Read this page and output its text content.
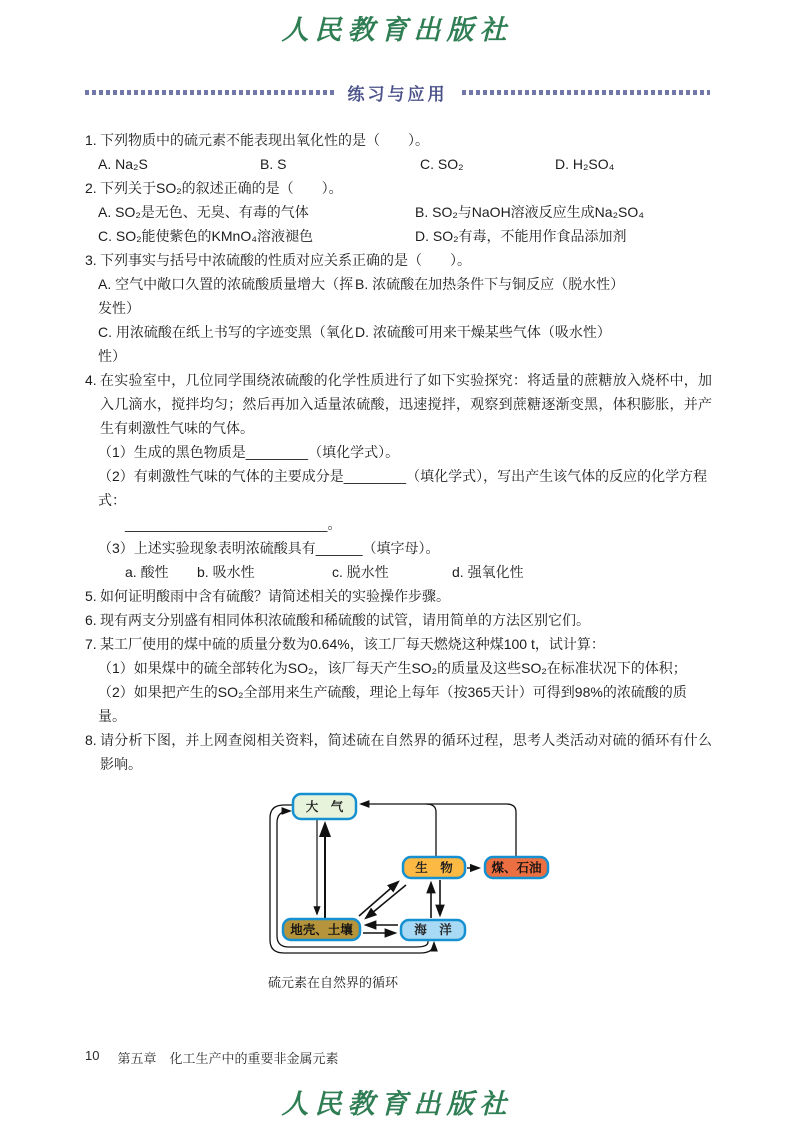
人民教育出版社
练习与应用
1. 下列物质中的硫元素不能表现出氧化性的是（　　）。
A. Na₂S	B. S	C. SO₂	D. H₂SO₄
2. 下列关于SO₂的叙述正确的是（　　）。
A. SO₂是无色、无臭、有毒的气体	B. SO₂与NaOH溶液反应生成Na₂SO₄
C. SO₂能使紫色的KMnO₄溶液褪色	D. SO₂有毒，不能用作食品添加剂
3. 下列事实与括号中浓硫酸的性质对应关系正确的是（　　）。
A. 空气中敞口久置的浓硫酸质量增大（挥发性）
B. 浓硫酸在加热条件下与铜反应（脱水性）
C. 用浓硫酸在纸上书写的字迹变黑（氧化性）
D. 浓硫酸可用来干燥某些气体（吸水性）
4. 在实验室中，几位同学围绕浓硫酸的化学性质进行了如下实验探究：将适量的蔗糖放入烧杯中，加入几滴水，搅拌均匀；然后再加入适量浓硫酸，迅速搅拌，观察到蔗糖逐渐变黑，体积膨胀，并产生有刺激性气味的气体。
（1）生成的黑色物质是________（填化学式）。
（2）有刺激性气味的气体的主要成分是________（填化学式），写出产生该气体的反应的化学方程式：
__________________________。
（3）上述实验现象表明浓硫酸具有______（填字母）。
a. 酸性	b. 吸水性	c. 脱水性	d. 强氧化性
5. 如何证明酸雨中含有硫酸？请简述相关的实验操作步骤。
6. 现有两支分别盛有相同体积浓硫酸和稀硫酸的试管，请用简单的方法区别它们。
7. 某工厂使用的煤中硫的质量分数为0.64%，该工厂每天燃烧这种煤100 t，试计算：
（1）如果煤中的硫全部转化为SO₂，该厂每天产生SO₂的质量及这些SO₂在标准状况下的体积；
（2）如果把产生的SO₂全部用来生产硫酸，理论上每年（按365天计）可得到98%的浓硫酸的质量。
8. 请分析下图，并上网查阅相关资料，简述硫在自然界的循环过程，思考人类活动对硫的循环有什么影响。
大　气
生　物	煤、石油
地壳、土壤	海　洋
硫元素在自然界的循环
10 第五章　化工生产中的重要非金属元素
人民教育出版社
